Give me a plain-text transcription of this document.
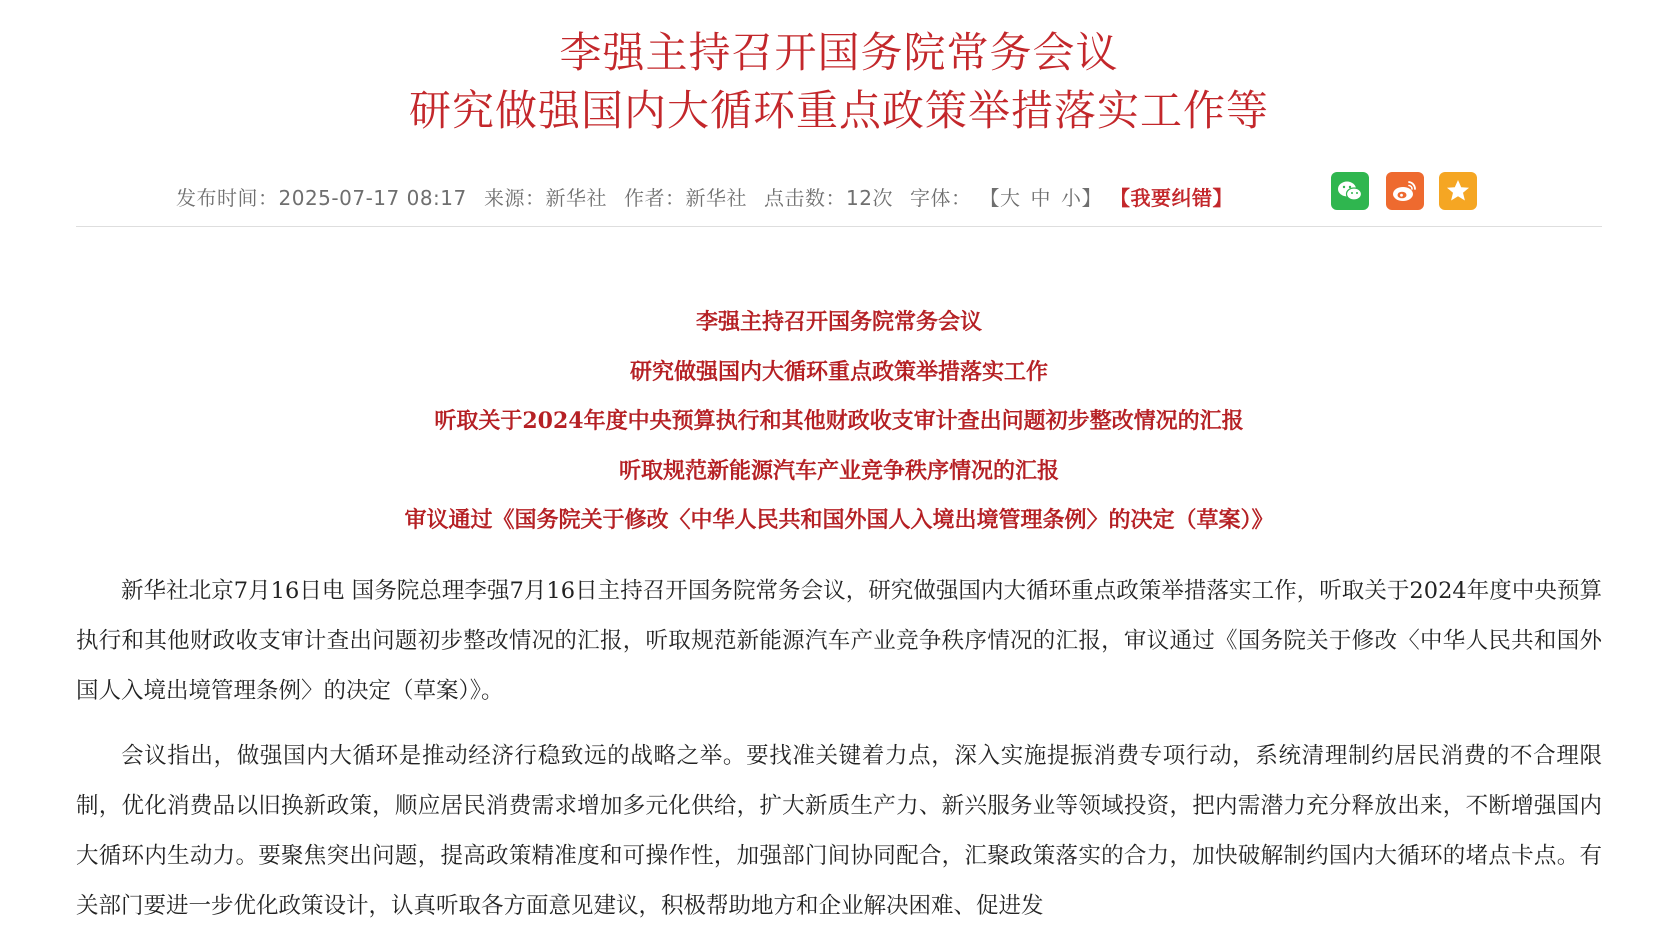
李强主持召开国务院常务会议
研究做强国内大循环重点政策举措落实工作等
发布时间：2025-07-17 08:17 来源：新华社 作者：新华社 点击数：12次 字体： 【大 中 小】 【我要纠错】
李强主持召开国务院常务会议
研究做强国内大循环重点政策举措落实工作
听取关于2024年度中央预算执行和其他财政收支审计查出问题初步整改情况的汇报
听取规范新能源汽车产业竞争秩序情况的汇报
审议通过《国务院关于修改〈中华人民共和国外国人入境出境管理条例〉的决定（草案）》

新华社北京7月16日电 国务院总理李强7月16日主持召开国务院常务会议，研究做强国内大循环重点政策举措落实工作，听取关于2024年度中央预算执行和其他财政收支审计查出问题初步整改情况的汇报，听取规范新能源汽车产业竞争秩序情况的汇报，审议通过《国务院关于修改〈中华人民共和国外国人入境出境管理条例〉的决定（草案）》。

会议指出，做强国内大循环是推动经济行稳致远的战略之举。要找准关键着力点，深入实施提振消费专项行动，系统清理制约居民消费的不合理限制，优化消费品以旧换新政策，顺应居民消费需求增加多元化供给，扩大新质生产力、新兴服务业等领域投资，把内需潜力充分释放出来，不断增强国内大循环内生动力。要聚焦突出问题，提高政策精准度和可操作性，加强部门间协同配合，汇聚政策落实的合力，加快破解制约国内大循环的堵点卡点。有关部门要进一步优化政策设计，认真听取各方面意见建议，积极帮助地方和企业解决困难、促进发
